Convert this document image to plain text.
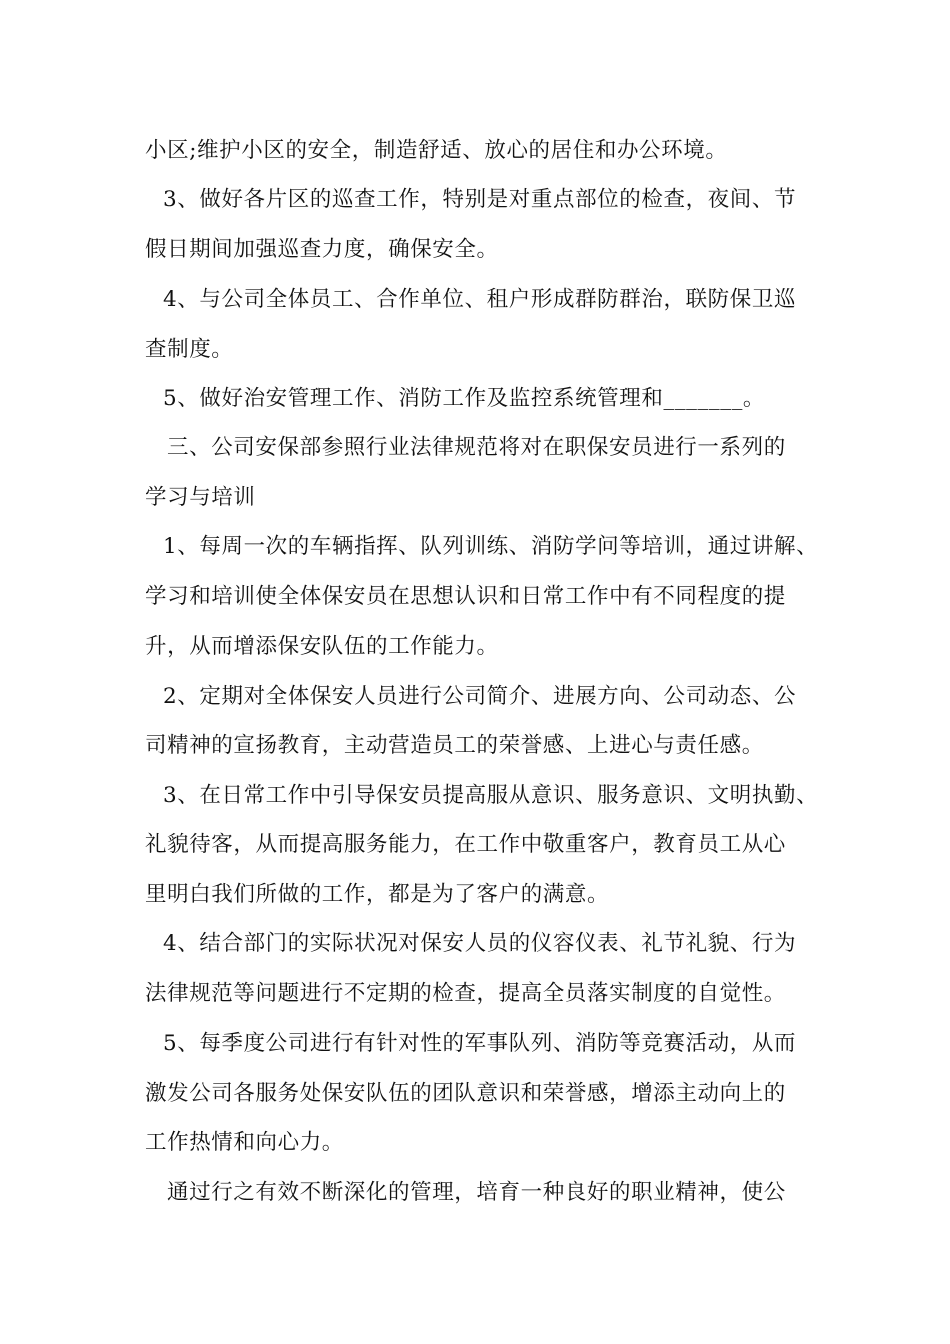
小区;维护小区的安全，制造舒适、放心的居住和办公环境。
3、做好各片区的巡查工作，特别是对重点部位的检查，夜间、节
假日期间加强巡查力度，确保安全。
4、与公司全体员工、合作单位、租户形成群防群治，联防保卫巡
查制度。
5、做好治安管理工作、消防工作及监控系统管理和_______。
三、公司安保部参照行业法律规范将对在职保安员进行一系列的
学习与培训
1、每周一次的车辆指挥、队列训练、消防学问等培训，通过讲解、
学习和培训使全体保安员在思想认识和日常工作中有不同程度的提
升，从而增添保安队伍的工作能力。
2、定期对全体保安人员进行公司简介、进展方向、公司动态、公
司精神的宣扬教育，主动营造员工的荣誉感、上进心与责任感。
3、在日常工作中引导保安员提高服从意识、服务意识、文明执勤、
礼貌待客，从而提高服务能力，在工作中敬重客户，教育员工从心
里明白我们所做的工作，都是为了客户的满意。
4、结合部门的实际状况对保安人员的仪容仪表、礼节礼貌、行为
法律规范等问题进行不定期的检查，提高全员落实制度的自觉性。
5、每季度公司进行有针对性的军事队列、消防等竞赛活动，从而
激发公司各服务处保安队伍的团队意识和荣誉感，增添主动向上的
工作热情和向心力。
通过行之有效不断深化的管理，培育一种良好的职业精神，使公
